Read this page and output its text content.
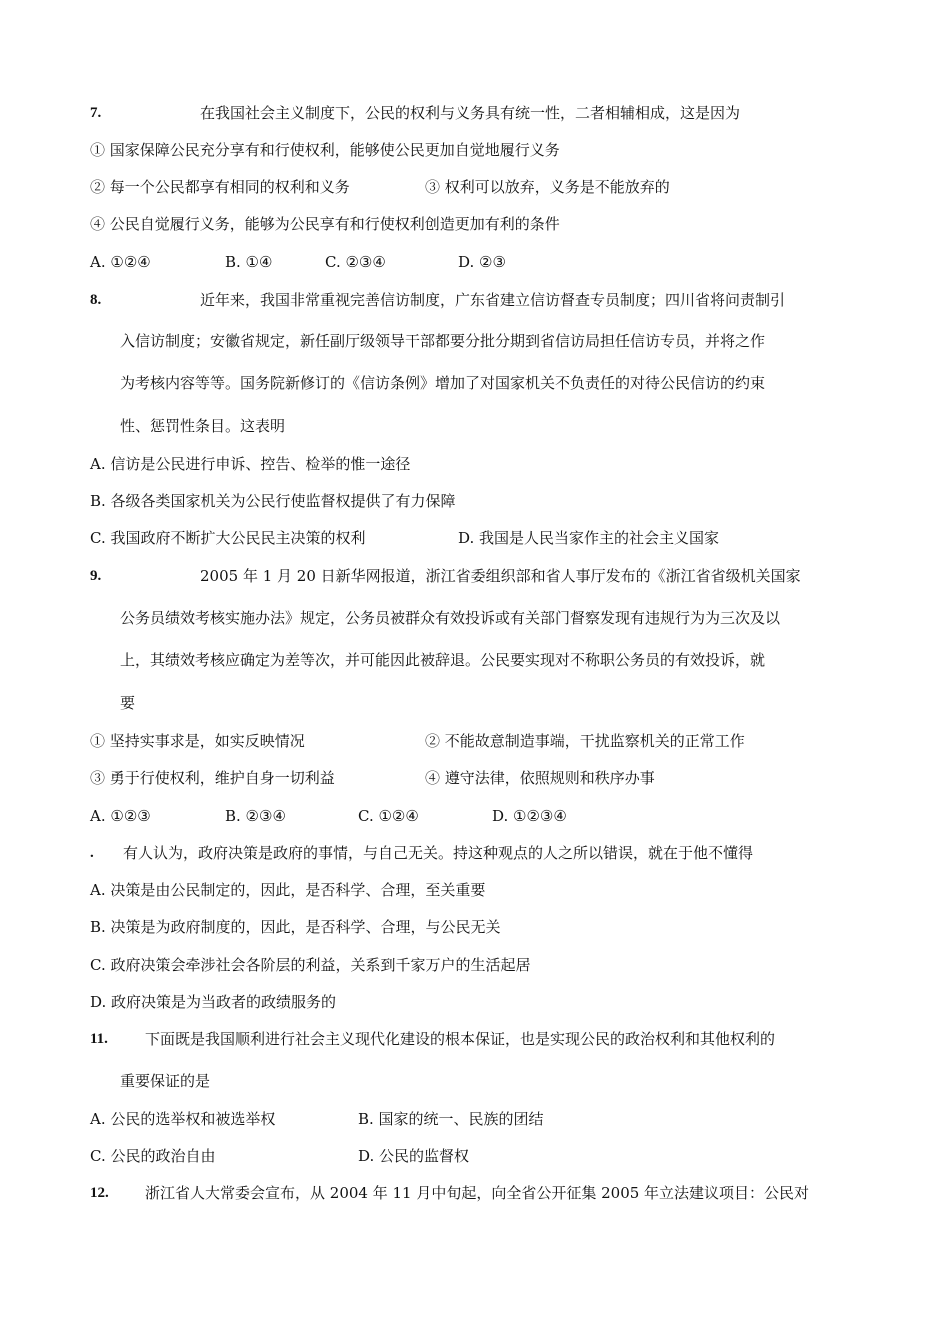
7.	在我国社会主义制度下，公民的权利与义务具有统一性，二者相辅相成，这是因为
① 国家保障公民充分享有和行使权利，能够使公民更加自觉地履行义务
② 每一个公民都享有相同的权利和义务	③ 权利可以放弃，义务是不能放弃的
④ 公民自觉履行义务，能够为公民享有和行使权利创造更加有利的条件
A. ①②④	B. ①④	C. ②③④	D. ②③
8.	近年来，我国非常重视完善信访制度，广东省建立信访督查专员制度；四川省将问责制引
入信访制度；安徽省规定，新任副厅级领导干部都要分批分期到省信访局担任信访专员，并将之作
为考核内容等等。国务院新修订的《信访条例》增加了对国家机关不负责任的对待公民信访的约束
性、惩罚性条目。这表明
A. 信访是公民进行申诉、控告、检举的惟一途径
B. 各级各类国家机关为公民行使监督权提供了有力保障
C. 我国政府不断扩大公民民主决策的权利	D. 我国是人民当家作主的社会主义国家
9.	2005 年 1 月 20 日新华网报道，浙江省委组织部和省人事厅发布的《浙江省省级机关国家
公务员绩效考核实施办法》规定，公务员被群众有效投诉或有关部门督察发现有违规行为为三次及以
上，其绩效考核应确定为差等次，并可能因此被辞退。公民要实现对不称职公务员的有效投诉，就
要
① 坚持实事求是，如实反映情况	② 不能故意制造事端，干扰监察机关的正常工作
③ 勇于行使权利，维护自身一切利益	④ 遵守法律，依照规则和秩序办事
A. ①②③	B. ②③④	C. ①②④	D. ①②③④
. 有人认为，政府决策是政府的事情，与自己无关。持这种观点的人之所以错误，就在于他不懂得
A. 决策是由公民制定的，因此，是否科学、合理，至关重要
B. 决策是为政府制度的，因此，是否科学、合理，与公民无关
C. 政府决策会牵涉社会各阶层的利益，关系到千家万户的生活起居
D. 政府决策是为当政者的政绩服务的
11. 下面既是我国顺利进行社会主义现代化建设的根本保证，也是实现公民的政治权利和其他权利的
重要保证的是
A. 公民的选举权和被选举权	B. 国家的统一、民族的团结
C. 公民的政治自由	D. 公民的监督权
12. 浙江省人大常委会宣布，从 2004 年 11 月中旬起，向全省公开征集 2005 年立法建议项目：公民对
